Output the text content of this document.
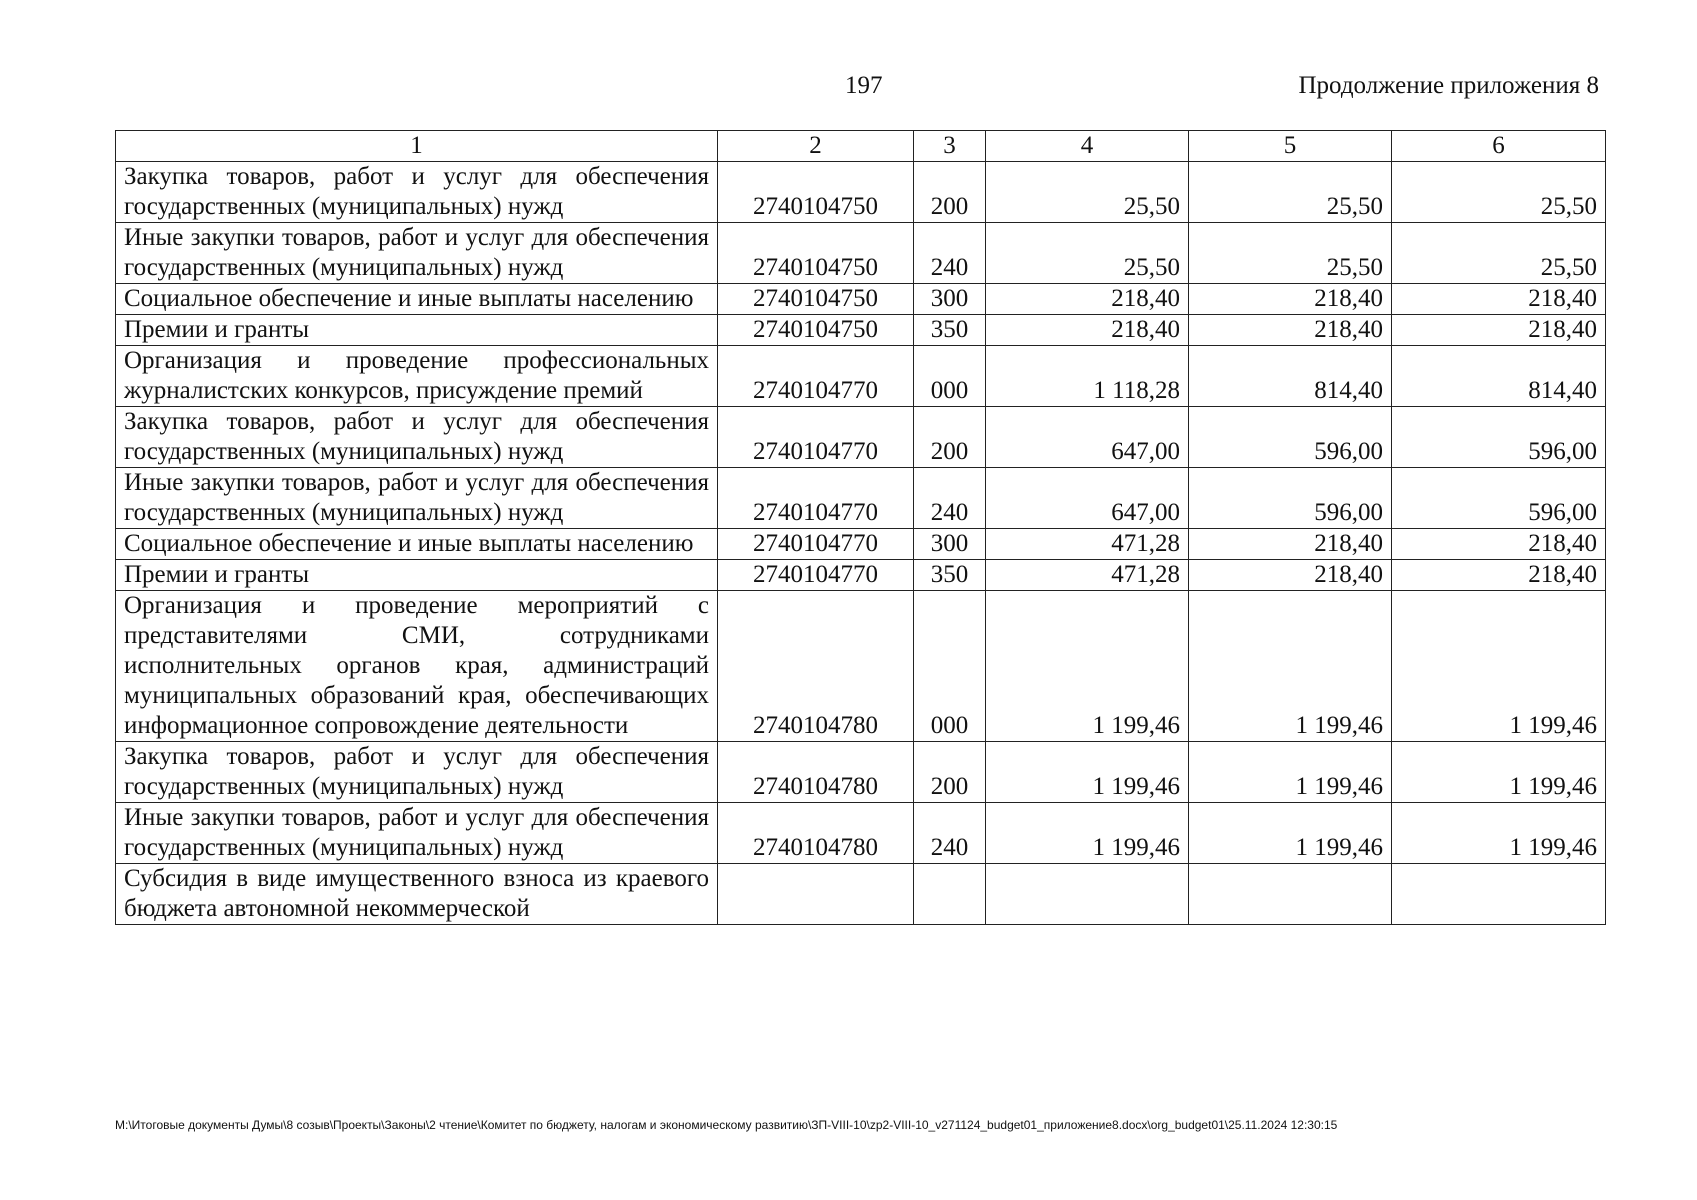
197	Продолжение приложения 8
1	2	3	4	5	6
Закупка товаров, работ и услуг для обеспечения государственных (муниципальных) нужд	2740104750	200	25,50	25,50	25,50
Иные закупки товаров, работ и услуг для обеспечения государственных (муниципальных) нужд	2740104750	240	25,50	25,50	25,50
Социальное обеспечение и иные выплаты населению	2740104750	300	218,40	218,40	218,40
Премии и гранты	2740104750	350	218,40	218,40	218,40
Организация и проведение профессиональных журналистских конкурсов, присуждение премий	2740104770	000	1 118,28	814,40	814,40
Закупка товаров, работ и услуг для обеспечения государственных (муниципальных) нужд	2740104770	200	647,00	596,00	596,00
Иные закупки товаров, работ и услуг для обеспечения государственных (муниципальных) нужд	2740104770	240	647,00	596,00	596,00
Социальное обеспечение и иные выплаты населению	2740104770	300	471,28	218,40	218,40
Премии и гранты	2740104770	350	471,28	218,40	218,40
Организация и проведение мероприятий с представителями СМИ, сотрудниками исполнительных органов края, администраций муниципальных образований края, обеспечивающих информационное сопровождение деятельности	2740104780	000	1 199,46	1 199,46	1 199,46
Закупка товаров, работ и услуг для обеспечения государственных (муниципальных) нужд	2740104780	200	1 199,46	1 199,46	1 199,46
Иные закупки товаров, работ и услуг для обеспечения государственных (муниципальных) нужд	2740104780	240	1 199,46	1 199,46	1 199,46
Субсидия в виде имущественного взноса из краевого бюджета автономной некоммерческой					
M:\Итоговые документы Думы\8 созыв\Проекты\Законы\2 чтение\Комитет по бюджету, налогам и экономическому развитию\ЗП-VIII-10\zp2-VIII-10_v271124_budget01_приложение8.docx\org_budget01\25.11.2024 12:30:15
